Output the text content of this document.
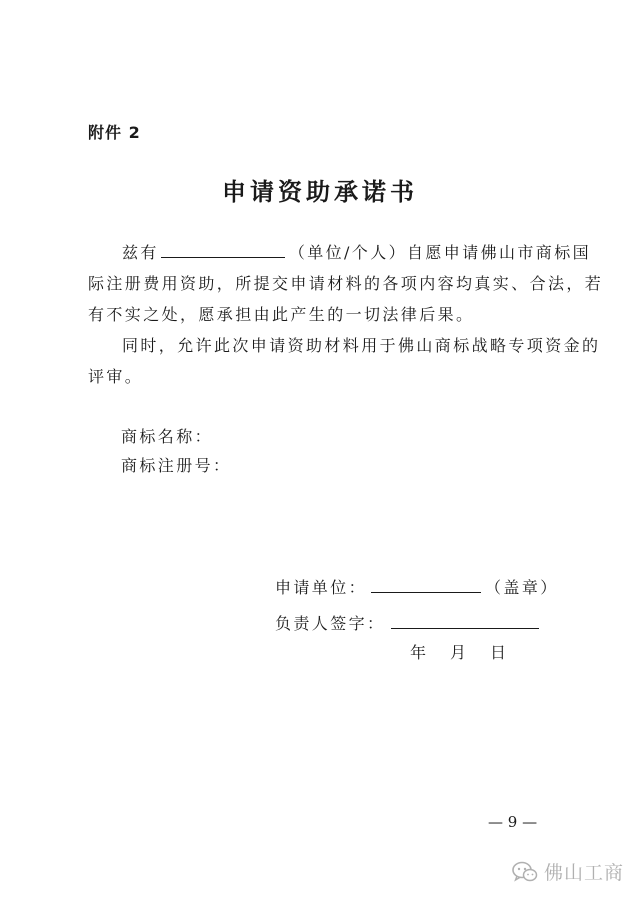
附件 2
申请资助承诺书
兹有	（单位/个人）自愿申请佛山市商标国
际注册费用资助，所提交申请材料的各项内容均真实、合法，若
有不实之处，愿承担由此产生的一切法律后果。
同时，允许此次申请资助材料用于佛山商标战略专项资金的
评审。
商标名称：
商标注册号：
申请单位：	（盖章）
负责人签字：
年 月 日
— 9 —
佛山工商
